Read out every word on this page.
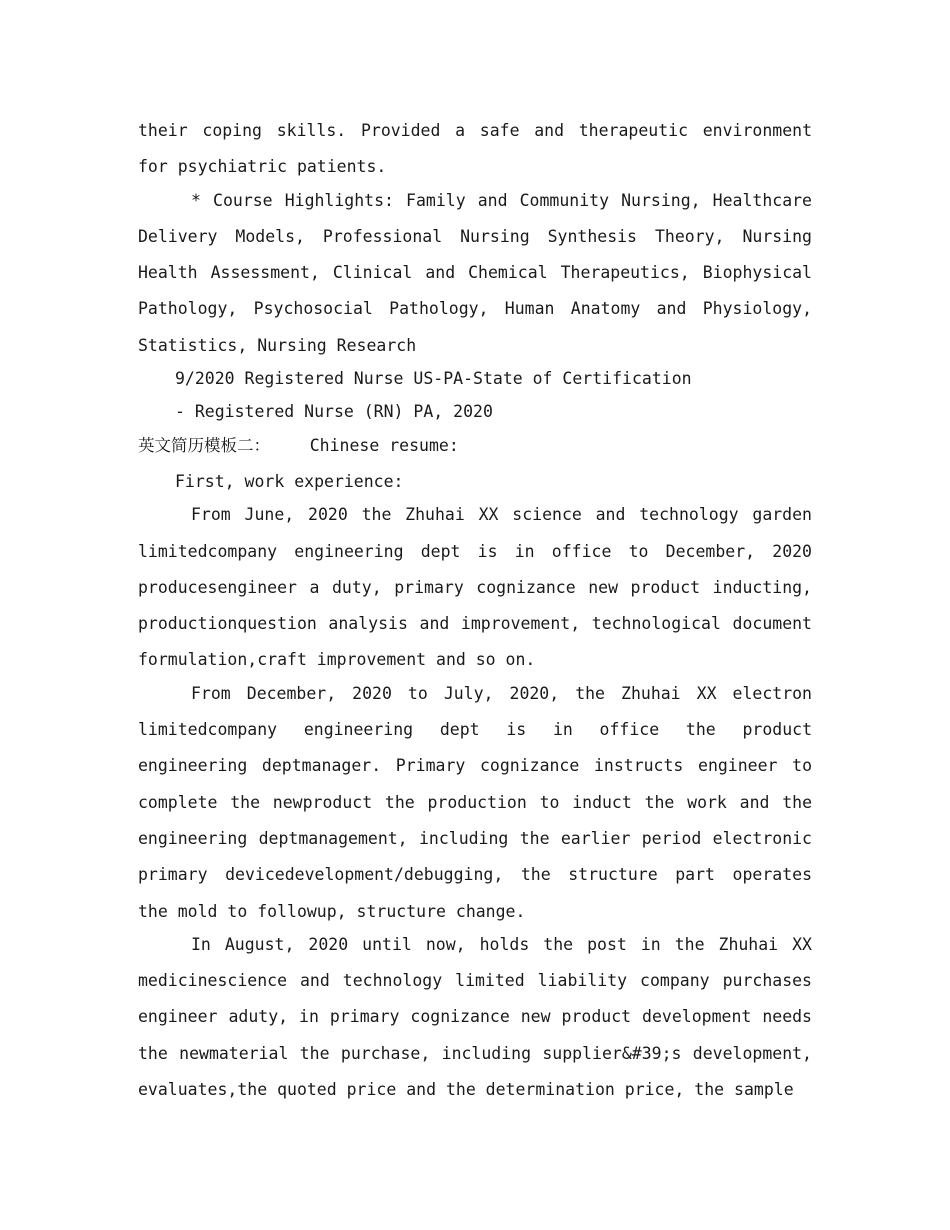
their coping skills. Provided a safe and therapeutic environment for psychiatric patients.

* Course Highlights: Family and Community Nursing, Healthcare Delivery Models, Professional Nursing Synthesis Theory, Nursing Health Assessment, Clinical and Chemical Therapeutics, Biophysical Pathology, Psychosocial Pathology, Human Anatomy and Physiology, Statistics, Nursing Research

9/2020 Registered Nurse US-PA-State of Certification

- Registered Nurse (RN) PA, 2020

英文简历模板二： Chinese resume:

First, work experience:

From June, 2020 the Zhuhai XX science and technology garden limitedcompany engineering dept is in office to December, 2020 producesengineer a duty, primary cognizance new product inducting, productionquestion analysis and improvement, technological document formulation,craft improvement and so on.

From December, 2020 to July, 2020, the Zhuhai XX electron limitedcompany engineering dept is in office the product engineering deptmanager. Primary cognizance instructs engineer to complete the newproduct the production to induct the work and the engineering deptmanagement, including the earlier period electronic primary devicedevelopment/debugging, the structure part operates the mold to followup, structure change.

In August, 2020 until now, holds the post in the Zhuhai XX medicinescience and technology limited liability company purchases engineer aduty, in primary cognizance new product development needs the newmaterial the purchase, including supplier&#39;s development, evaluates,the quoted price and the determination price, the sample
